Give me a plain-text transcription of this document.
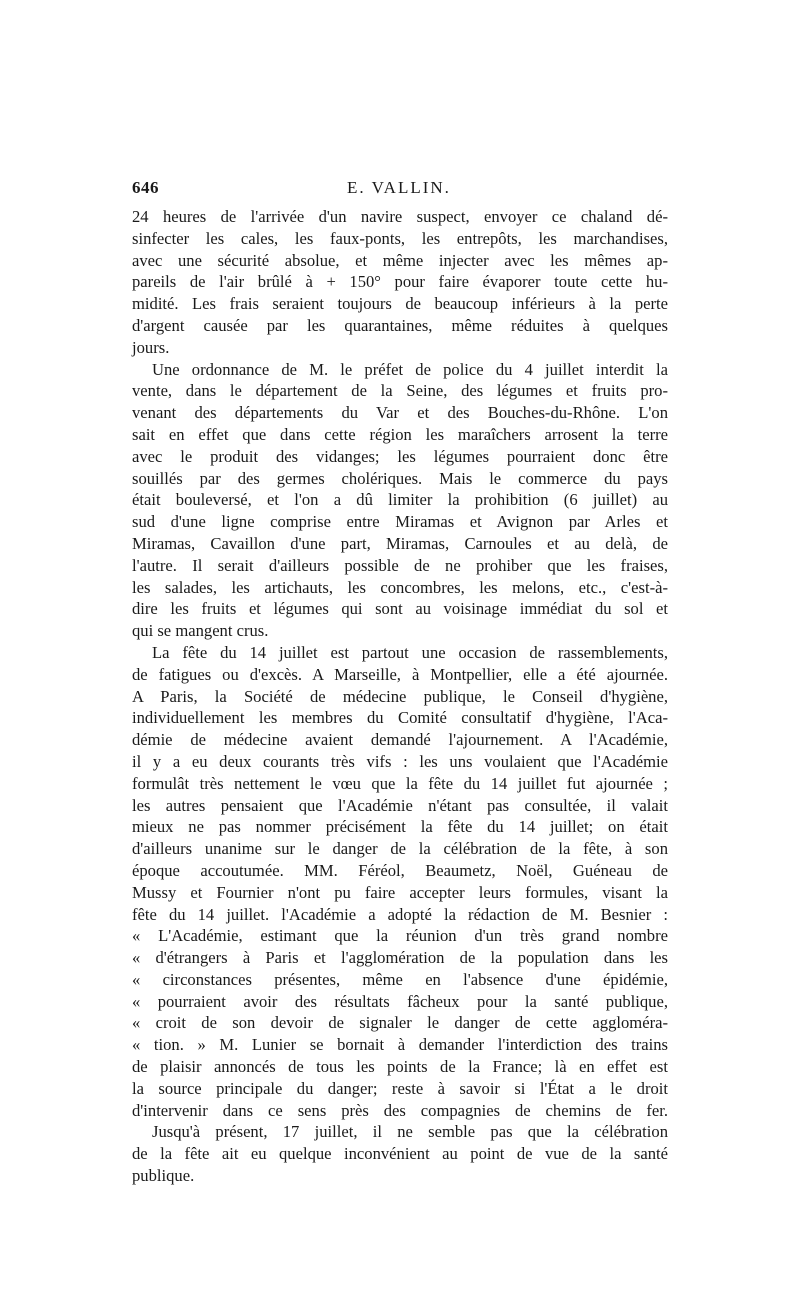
646	E. VALLIN.
24 heures de l'arrivée d'un navire suspect, envoyer ce chaland dé-
sinfecter les cales, les faux-ponts, les entrepôts, les marchandises,
avec une sécurité absolue, et même injecter avec les mêmes ap-
pareils de l'air brûlé à + 150° pour faire évaporer toute cette hu-
midité. Les frais seraient toujours de beaucoup inférieurs à la perte
d'argent causée par les quarantaines, même réduites à quelques
jours.
Une ordonnance de M. le préfet de police du 4 juillet interdit la
vente, dans le département de la Seine, des légumes et fruits pro-
venant des départements du Var et des Bouches-du-Rhône. L'on
sait en effet que dans cette région les maraîchers arrosent la terre
avec le produit des vidanges; les légumes pourraient donc être
souillés par des germes cholériques. Mais le commerce du pays
était bouleversé, et l'on a dû limiter la prohibition (6 juillet) au
sud d'une ligne comprise entre Miramas et Avignon par Arles et
Miramas, Cavaillon d'une part, Miramas, Carnoules et au delà, de
l'autre. Il serait d'ailleurs possible de ne prohiber que les fraises,
les salades, les artichauts, les concombres, les melons, etc., c'est-à-
dire les fruits et légumes qui sont au voisinage immédiat du sol et
qui se mangent crus.
La fête du 14 juillet est partout une occasion de rassemblements,
de fatigues ou d'excès. A Marseille, à Montpellier, elle a été ajournée.
A Paris, la Société de médecine publique, le Conseil d'hygiène,
individuellement les membres du Comité consultatif d'hygiène, l'Aca-
démie de médecine avaient demandé l'ajournement. A l'Académie,
il y a eu deux courants très vifs : les uns voulaient que l'Académie
formulât très nettement le vœu que la fête du 14 juillet fut ajournée ;
les autres pensaient que l'Académie n'étant pas consultée, il valait
mieux ne pas nommer précisément la fête du 14 juillet; on était
d'ailleurs unanime sur le danger de la célébration de la fête, à son
époque accoutumée. MM. Féréol, Beaumetz, Noël, Guéneau de
Mussy et Fournier n'ont pu faire accepter leurs formules, visant la
fête du 14 juillet. l'Académie a adopté la rédaction de M. Besnier :
« L'Académie, estimant que la réunion d'un très grand nombre
« d'étrangers à Paris et l'agglomération de la population dans les
« circonstances présentes, même en l'absence d'une épidémie,
« pourraient avoir des résultats fâcheux pour la santé publique,
« croit de son devoir de signaler le danger de cette aggloméra-
« tion. » M. Lunier se bornait à demander l'interdiction des trains
de plaisir annoncés de tous les points de la France; là en effet est
la source principale du danger; reste à savoir si l'État a le droit
d'intervenir dans ce sens près des compagnies de chemins de fer.
Jusqu'à présent, 17 juillet, il ne semble pas que la célébration
de la fête ait eu quelque inconvénient au point de vue de la santé
publique.
